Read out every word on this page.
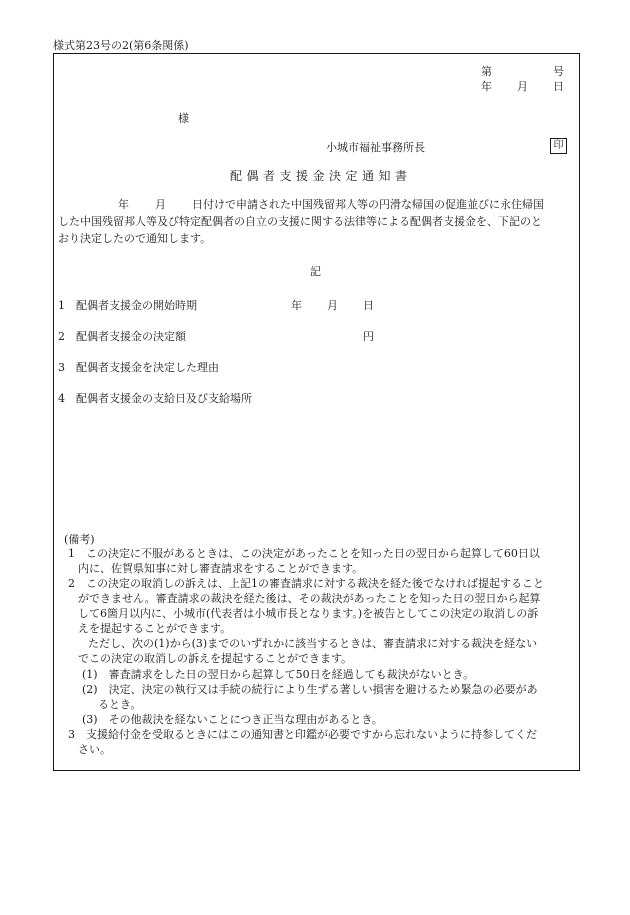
様式第23号の2(第6条関係)
第	号
年 月 日
様
小城市福祉事務所長	印
配偶者支援金決定通知書
年 月 日付けで申請された中国残留邦人等の円滑な帰国の促進並びに永住帰国
した中国残留邦人等及び特定配偶者の自立の支援に関する法律等による配偶者支援金を、下記のと
おり決定したので通知します。
記
1　配偶者支援金の開始時期	年 月 日
2　配偶者支援金の決定額	円
3　配偶者支援金を決定した理由
4　配偶者支援金の支給日及び支給場所
(備考)
1　この決定に不服があるときは、この決定があったことを知った日の翌日から起算して60日以
内に、佐賀県知事に対し審査請求をすることができます。
2　この決定の取消しの訴えは、上記1の審査請求に対する裁決を経た後でなければ提起すること
ができません。審査請求の裁決を経た後は、その裁決があったことを知った日の翌日から起算
して6箇月以内に、小城市(代表者は小城市長となります。)を被告としてこの決定の取消しの訴
えを提起することができます。
ただし、次の(1)から(3)までのいずれかに該当するときは、審査請求に対する裁決を経ない
でこの決定の取消しの訴えを提起することができます。
(1)　審査請求をした日の翌日から起算して50日を経過しても裁決がないとき。
(2)　決定、決定の執行又は手続の続行により生ずる著しい損害を避けるため緊急の必要があ
るとき。
(3)　その他裁決を経ないことにつき正当な理由があるとき。
3　支援給付金を受取るときにはこの通知書と印鑑が必要ですから忘れないように持参してくだ
さい。
